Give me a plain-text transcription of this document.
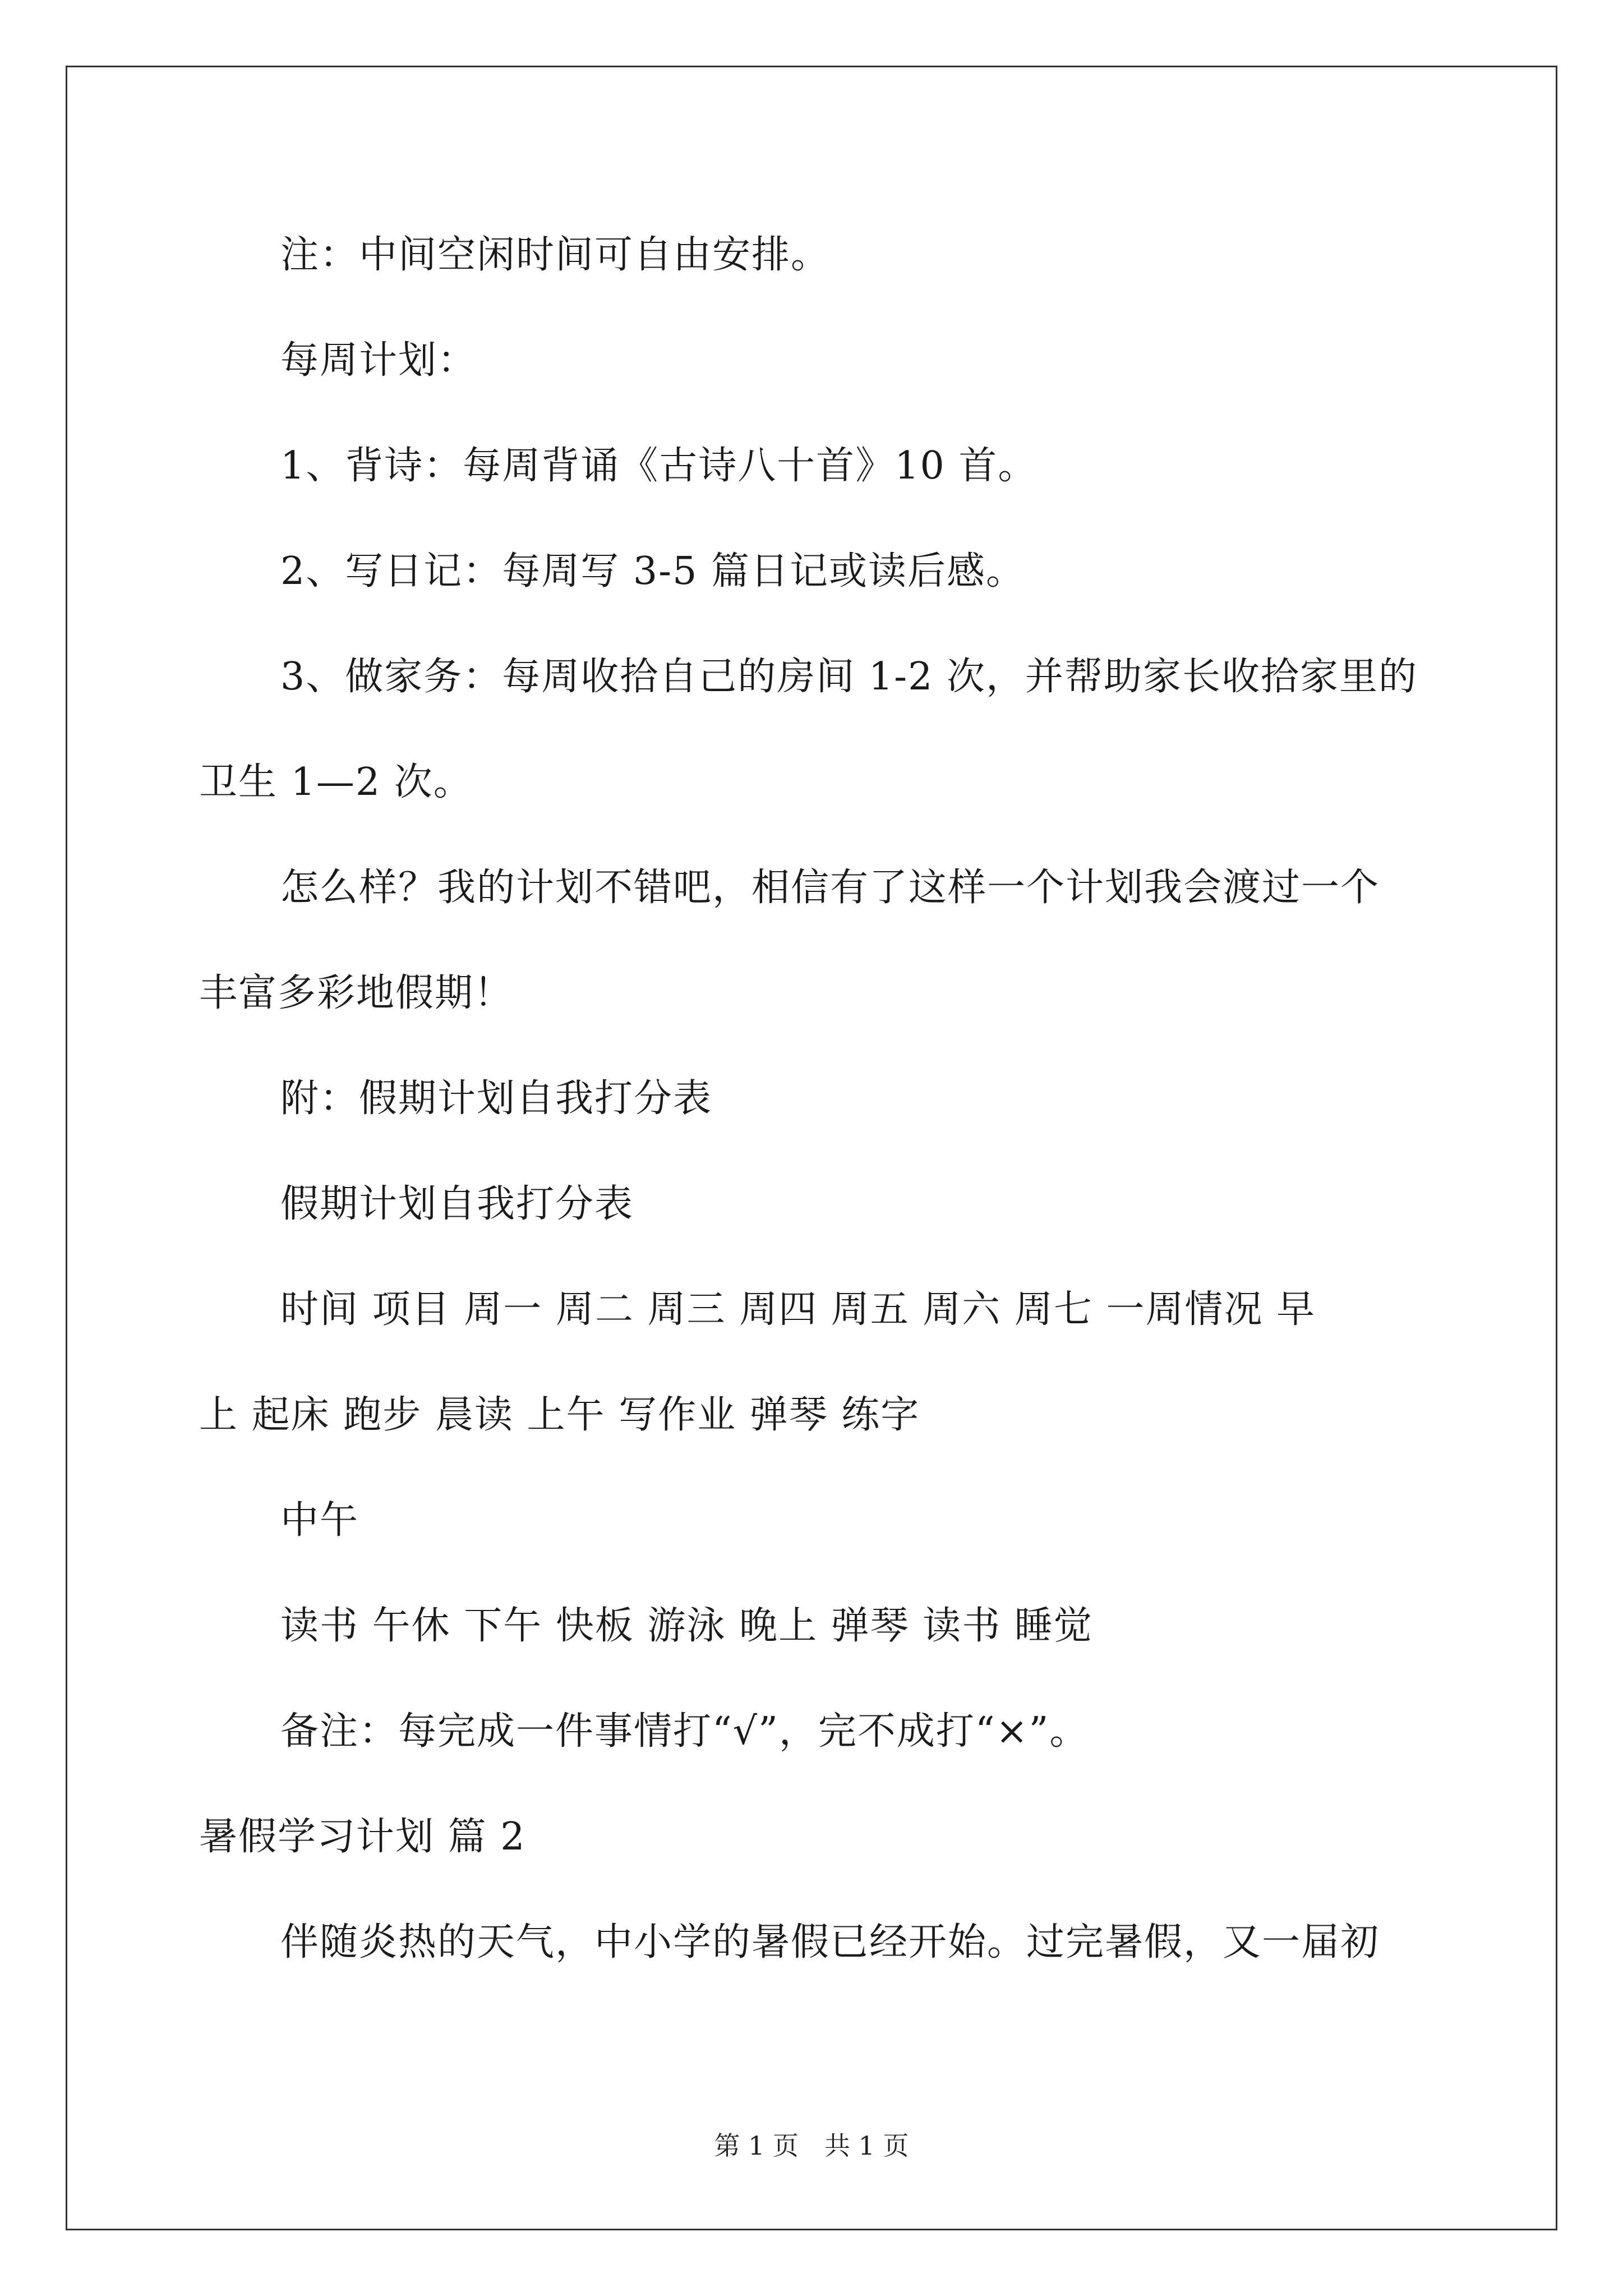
注：中间空闲时间可自由安排。
每周计划：
1、背诗：每周背诵《古诗八十首》10 首。
2、写日记：每周写 3-5 篇日记或读后感。
3、做家务：每周收拾自己的房间 1-2 次，并帮助家长收拾家里的
卫生 1—2 次。
怎么样？我的计划不错吧，相信有了这样一个计划我会渡过一个
丰富多彩地假期！
附：假期计划自我打分表
假期计划自我打分表
时间 项目 周一 周二 周三 周四 周五 周六 周七 一周情况 早
上 起床 跑步 晨读 上午 写作业 弹琴 练字
中午
读书 午休 下午 快板 游泳 晚上 弹琴 读书 睡觉
备注：每完成一件事情打“√”，完不成打“×”。
暑假学习计划 篇 2
伴随炎热的天气，中小学的暑假已经开始。过完暑假，又一届初
第 1 页　共 1 页
